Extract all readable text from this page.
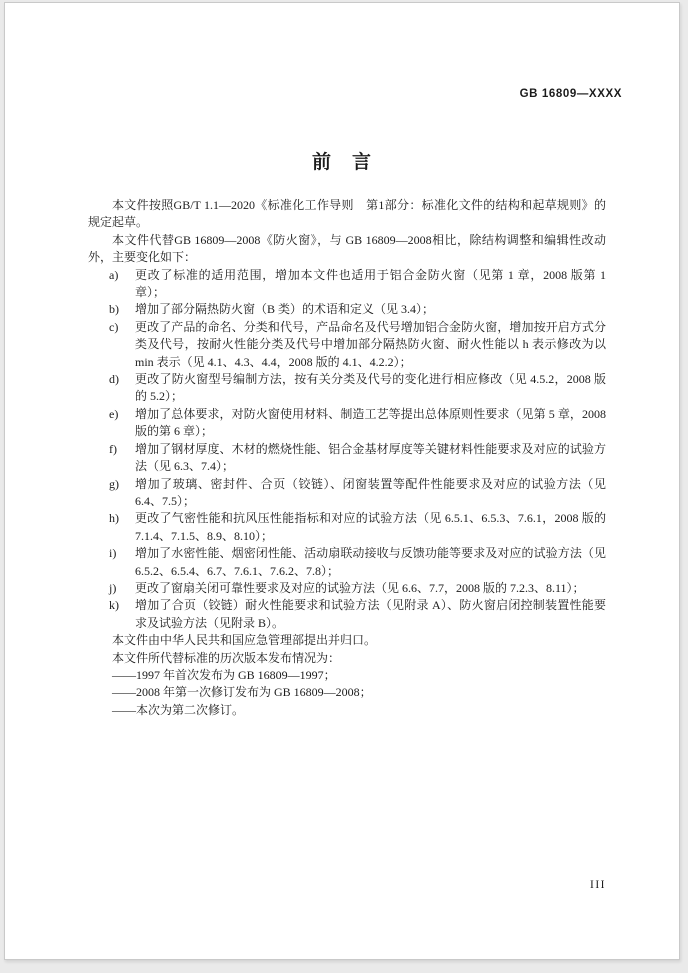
GB 16809—XXXX
前　言

本文件按照GB/T 1.1—2020《标准化工作导则　第1部分：标准化文件的结构和起草规则》的规定起草。

本文件代替GB 16809—2008《防火窗》，与 GB 16809—2008相比，除结构调整和编辑性改动外，主要变化如下：

a) 更改了标准的适用范围，增加本文件也适用于铝合金防火窗（见第 1 章，2008 版第 1 章）；
b) 增加了部分隔热防火窗（B 类）的术语和定义（见 3.4）；
c) 更改了产品的命名、分类和代号，产品命名及代号增加铝合金防火窗，增加按开启方式分类及代号，按耐火性能分类及代号中增加部分隔热防火窗、耐火性能以 h 表示修改为以 min 表示（见 4.1、4.3、4.4，2008 版的 4.1、4.2.2）；
d) 更改了防火窗型号编制方法，按有关分类及代号的变化进行相应修改（见 4.5.2，2008 版的 5.2）；
e) 增加了总体要求，对防火窗使用材料、制造工艺等提出总体原则性要求（见第 5 章，2008 版的第 6 章）；
f) 增加了钢材厚度、木材的燃烧性能、铝合金基材厚度等关键材料性能要求及对应的试验方法（见 6.3、7.4）；
g) 增加了玻璃、密封件、合页（铰链）、闭窗装置等配件性能要求及对应的试验方法（见 6.4、7.5）；
h) 更改了气密性能和抗风压性能指标和对应的试验方法（见 6.5.1、6.5.3、7.6.1，2008 版的 7.1.4、7.1.5、8.9、8.10）；
i) 增加了水密性能、烟密闭性能、活动扇联动接收与反馈功能等要求及对应的试验方法（见 6.5.2、6.5.4、6.7、7.6.1、7.6.2、7.8）；
j) 更改了窗扇关闭可靠性要求及对应的试验方法（见 6.6、7.7，2008 版的 7.2.3、8.11）；
k) 增加了合页（铰链）耐火性能要求和试验方法（见附录 A）、防火窗启闭控制装置性能要求及试验方法（见附录 B）。

本文件由中华人民共和国应急管理部提出并归口。

本文件所代替标准的历次版本发布情况为：

——1997 年首次发布为 GB 16809—1997；

——2008 年第一次修订发布为 GB 16809—2008；

——本次为第二次修订。

III
